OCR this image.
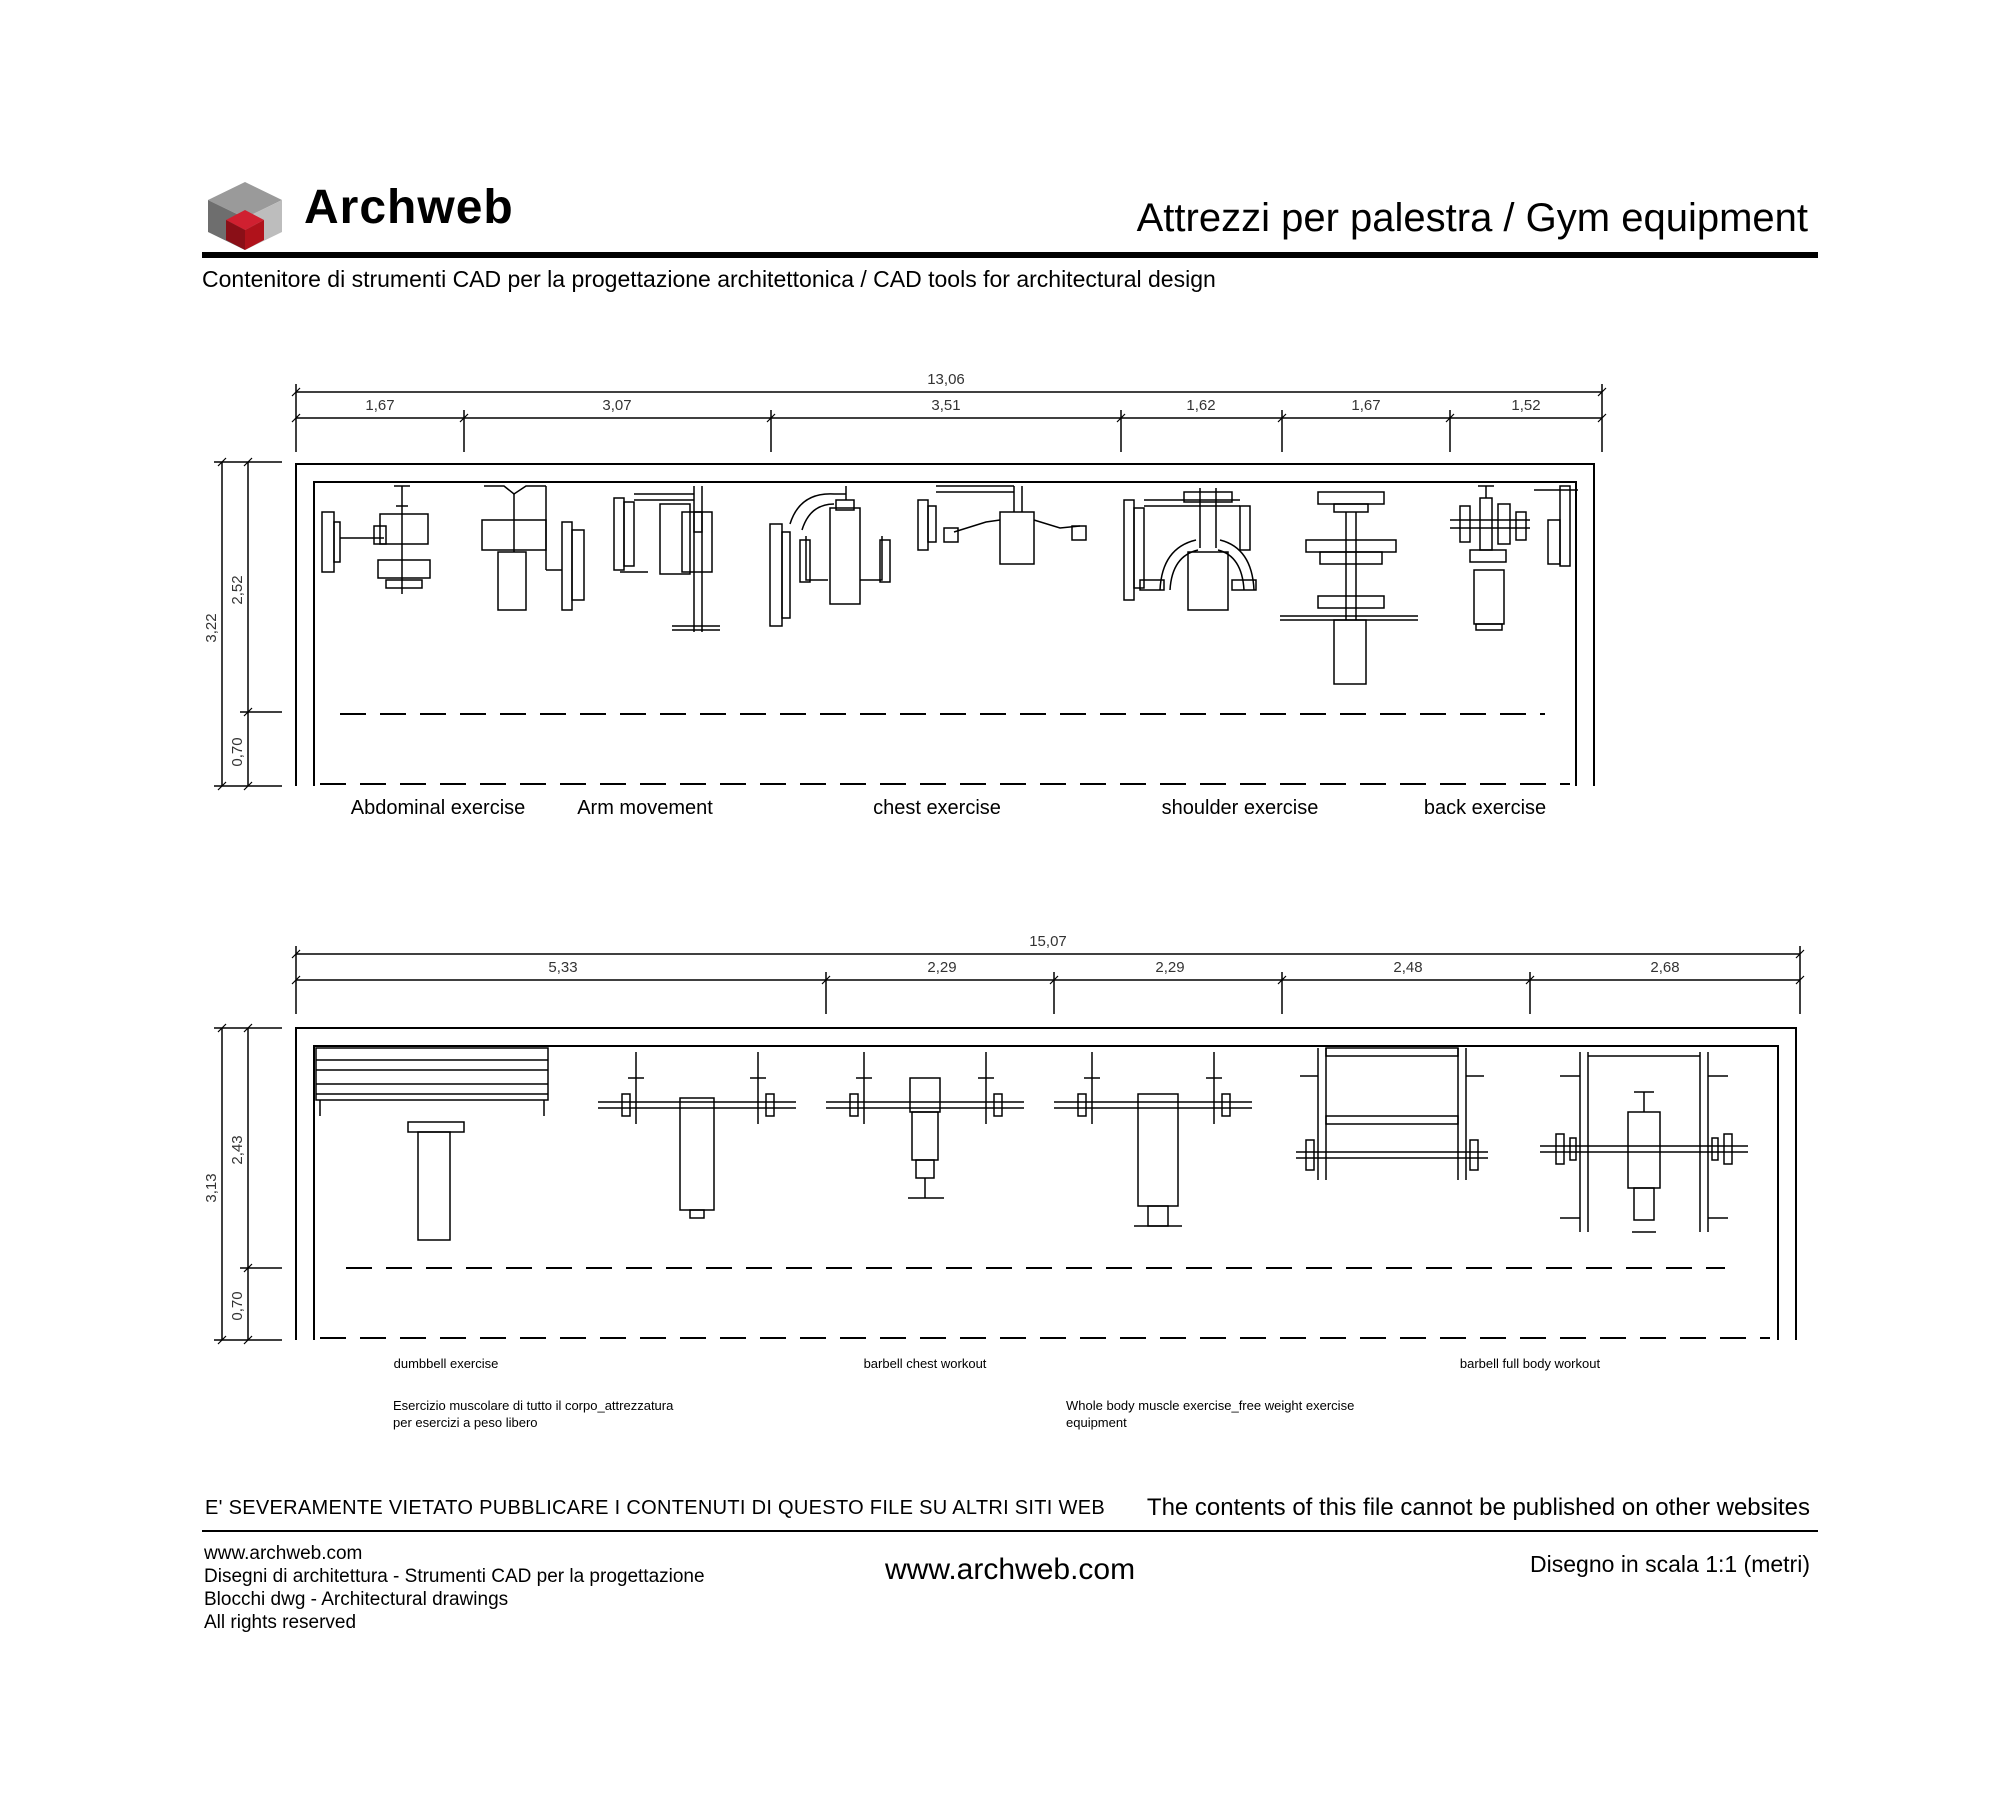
Archweb	Attrezzi per palestra / Gym equipment
Contenitore di strumenti CAD per la progettazione architettonica / CAD tools for architectural design
13,06
1,67	3,07	3,51	1,62	1,67	1,52
3,22
2,52
0,70
15,07
5,33	2,29	2,29	2,48	2,68
3,13
2,43
0,70
Abdominal exercise	Arm movement	chest exercise	shoulder exercise	back exercise
dumbbell exercise	barbell chest workout	barbell full body workout
Esercizio muscolare di tutto il corpo_attrezzatura
per esercizi a peso libero
Whole body muscle exercise_free weight exercise
equipment
E' SEVERAMENTE VIETATO PUBBLICARE I CONTENUTI DI QUESTO FILE SU ALTRI SITI WEB The contents of this file cannot be published on other websites
www.archweb.com
Disegni di architettura - Strumenti CAD per la progettazione
Blocchi dwg - Architectural drawings
All rights reserved
www.archweb.com	Disegno in scala 1:1 (metri)
